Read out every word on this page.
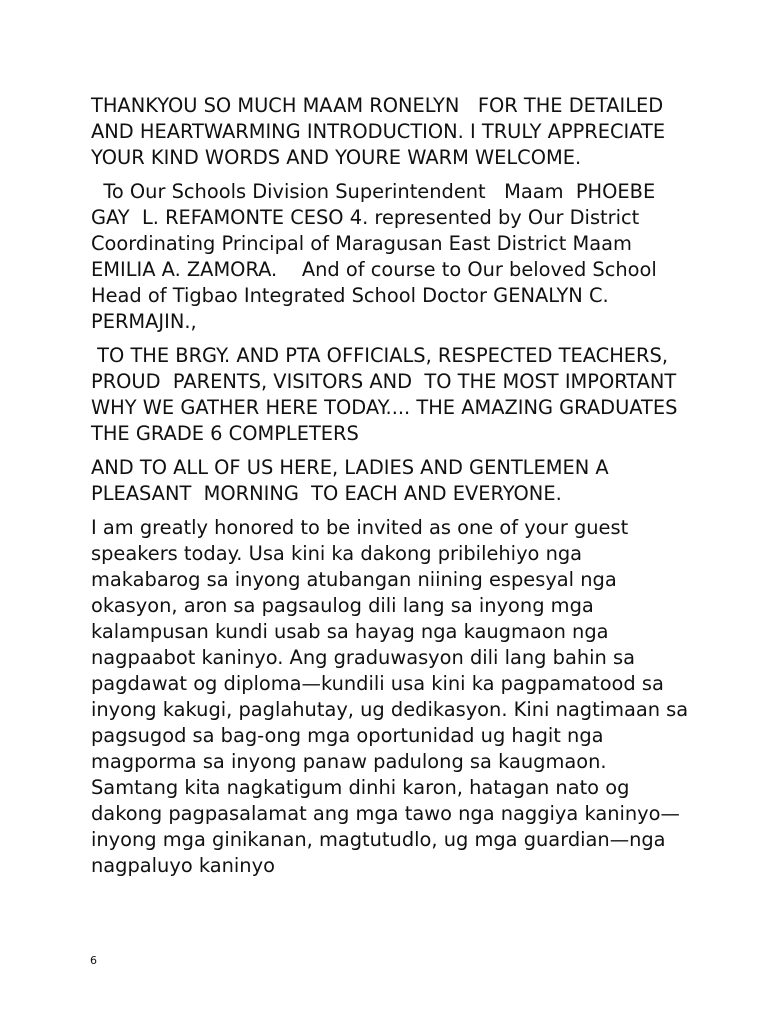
THANKYOU SO MUCH MAAM RONELYN   FOR THE DETAILED  AND HEARTWARMING INTRODUCTION. I TRULY APPRECIATE  YOUR KIND WORDS AND YOURE WARM WELCOME.

To Our Schools Division Superintendent   Maam  PHOEBE GAY  L. REFAMONTE CESO 4. represented by Our District Coordinating Principal of Maragusan East District Maam EMILIA A. ZAMORA.    And of course to Our beloved School Head of Tigbao Integrated School Doctor GENALYN C. PERMAJIN.,

TO THE BRGY. AND PTA OFFICIALS, RESPECTED TEACHERS, PROUD  PARENTS, VISITORS AND  TO THE MOST IMPORTANT  WHY WE GATHER HERE TODAY.... THE AMAZING GRADUATES THE GRADE 6 COMPLETERS

AND TO ALL OF US HERE, LADIES AND GENTLEMEN A PLEASANT  MORNING  TO EACH AND EVERYONE.

I am greatly honored to be invited as one of your guest speakers today. Usa kini ka dakong pribilehiyo nga makabarog sa inyong atubangan niining espesyal nga okasyon, aron sa pagsaulog dili lang sa inyong mga kalampusan kundi usab sa hayag nga kaugmaon nga nagpaabot kaninyo. Ang graduwasyon dili lang bahin sa pagdawat og diploma—kundili usa kini ka pagpamatood sa inyong kakugi, paglahutay, ug dedikasyon. Kini nagtimaan sa pagsugod sa bag-ong mga oportunidad ug hagit nga magporma sa inyong panaw padulong sa kaugmaon. Samtang kita nagkatigum dinhi karon, hatagan nato og dakong pagpasalamat ang mga tawo nga naggiya kaninyo—inyong mga ginikanan, magtutudlo, ug mga guardian—nga nagpaluyo kaninyo

6
